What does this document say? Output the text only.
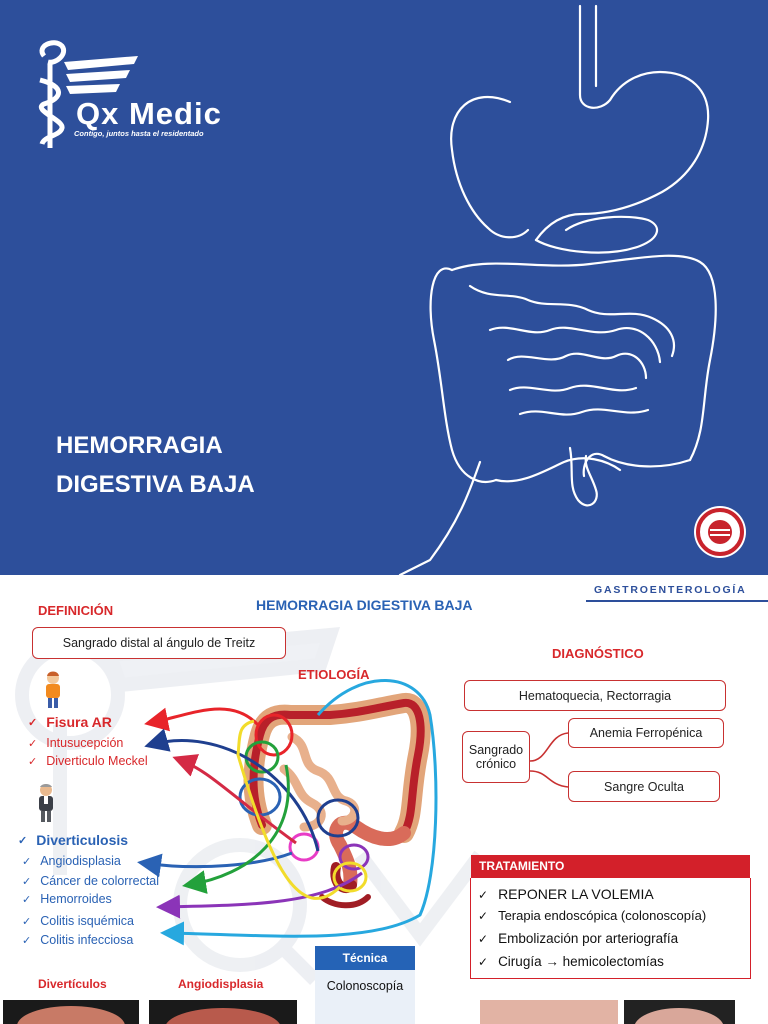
Qx Medic
Contigo, juntos hasta el residentado
HEMORRAGIA
DIGESTIVA BAJA
GASTROENTEROLOGÍA
HEMORRAGIA DIGESTIVA BAJA
DEFINICIÓN
Sangrado distal al ángulo de Treitz
ETIOLOGÍA
✓ Fisura AR
✓ Intusucepción
✓ Diverticulo Meckel
✓ Diverticulosis
✓ Angiodisplasia
✓ Cáncer de colorrectal
✓ Hemorroides
✓ Colitis isquémica
✓ Colitis infecciosa
DIAGNÓSTICO
Hematoquecia, Rectorragia
Sangrado crónico
Anemia Ferropénica
Sangre Oculta
TRATAMIENTO
✓ REPONER LA VOLEMIA
✓ Terapia endoscópica (colonoscopía)
✓ Embolización por arteriografía
✓ Cirugía → hemicolectomías
Técnica
Colonoscopía
Divertículos	Angiodisplasia
